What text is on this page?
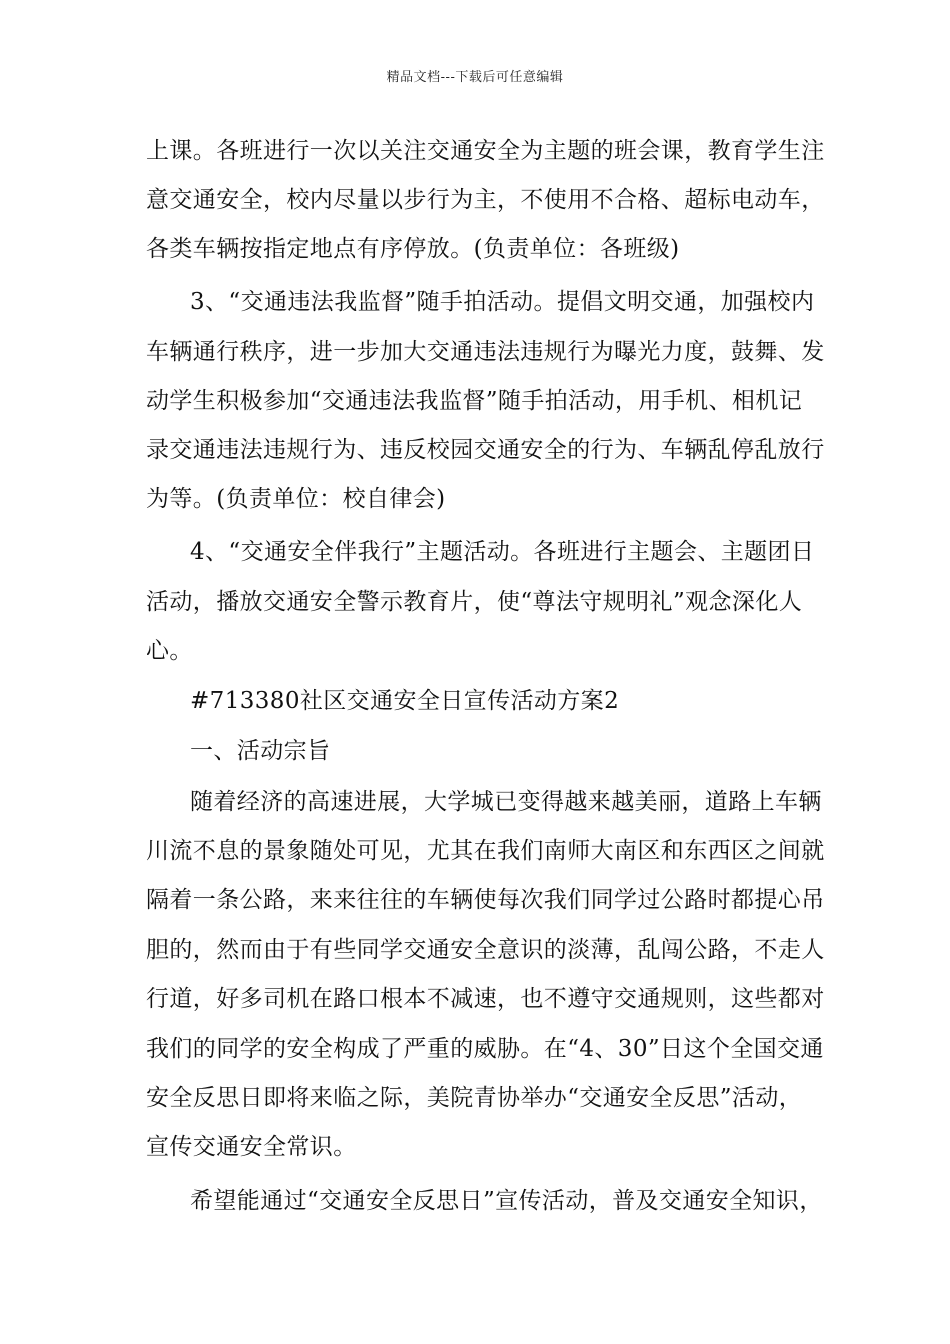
精品文档---下载后可任意编辑
上课。各班进行一次以关注交通安全为主题的班会课，教育学生注
意交通安全，校内尽量以步行为主，不使用不合格、超标电动车，
各类车辆按指定地点有序停放。(负责单位：各班级)
3、“交通违法我监督”随手拍活动。提倡文明交通，加强校内
车辆通行秩序，进一步加大交通违法违规行为曝光力度，鼓舞、发
动学生积极参加“交通违法我监督”随手拍活动，用手机、相机记
录交通违法违规行为、违反校园交通安全的行为、车辆乱停乱放行
为等。(负责单位：校自律会)
4、“交通安全伴我行”主题活动。各班进行主题会、主题团日
活动，播放交通安全警示教育片，使“尊法守规明礼”观念深化人
心。
#713380社区交通安全日宣传活动方案2
一、活动宗旨
随着经济的高速进展，大学城已变得越来越美丽，道路上车辆
川流不息的景象随处可见，尤其在我们南师大南区和东西区之间就
隔着一条公路，来来往往的车辆使每次我们同学过公路时都提心吊
胆的，然而由于有些同学交通安全意识的淡薄，乱闯公路，不走人
行道，好多司机在路口根本不减速，也不遵守交通规则，这些都对
我们的同学的安全构成了严重的威胁。在“4、30”日这个全国交通
安全反思日即将来临之际，美院青协举办“交通安全反思”活动，
宣传交通安全常识。
希望能通过“交通安全反思日”宣传活动，普及交通安全知识，
